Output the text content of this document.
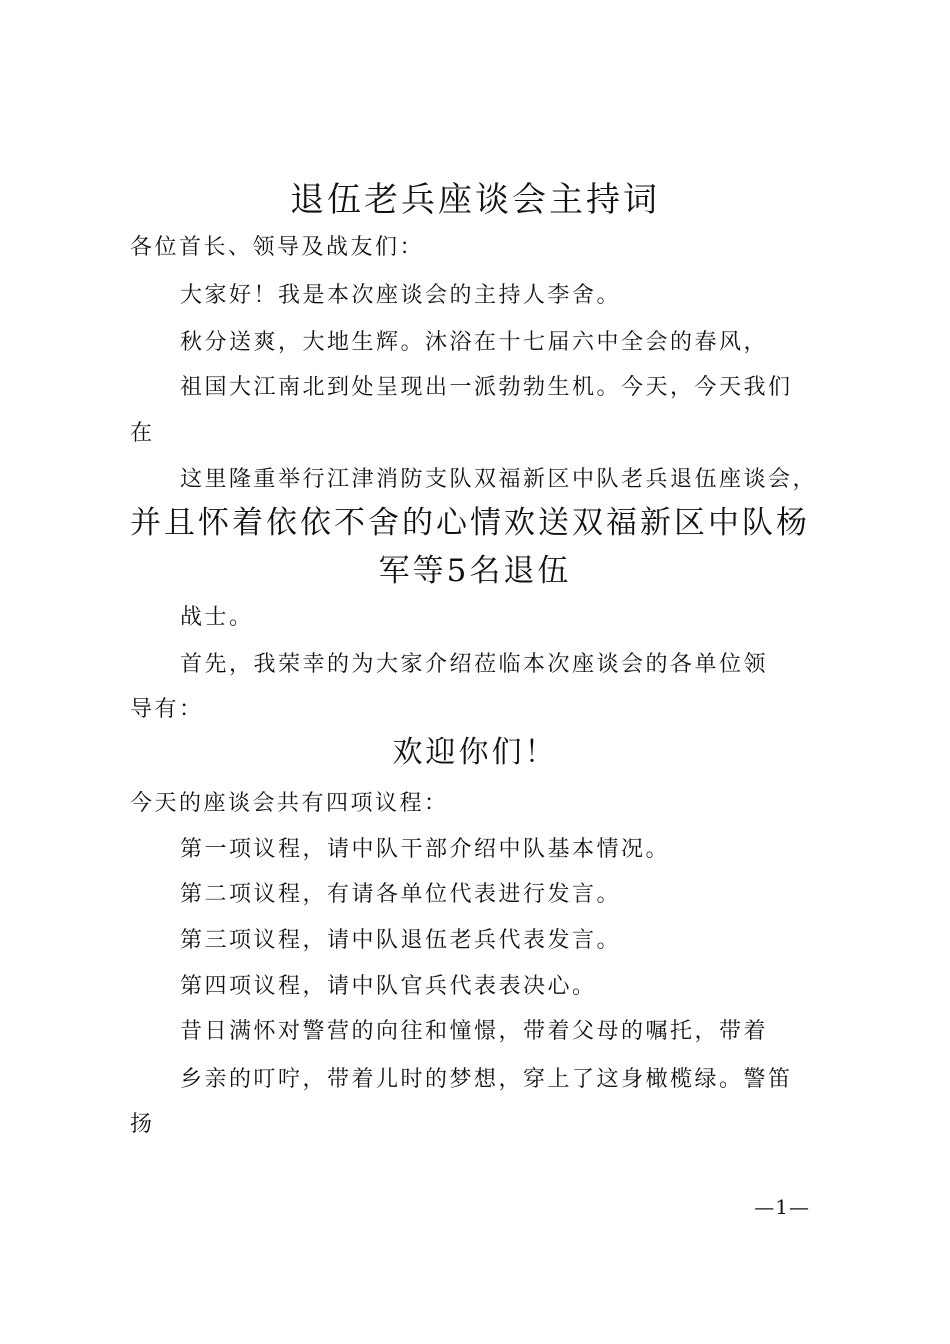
退伍老兵座谈会主持词
各位首长、领导及战友们：
大家好！我是本次座谈会的主持人李舍。
秋分送爽，大地生辉。沐浴在十七届六中全会的春风，
祖国大江南北到处呈现出一派勃勃生机。今天，今天我们
在
这里隆重举行江津消防支队双福新区中队老兵退伍座谈会，
并且怀着依依不舍的心情欢送双福新区中队杨
军等5名退伍
战士。
首先，我荣幸的为大家介绍莅临本次座谈会的各单位领
导有：
欢迎你们！
今天的座谈会共有四项议程：
第一项议程，请中队干部介绍中队基本情况。
第二项议程，有请各单位代表进行发言。
第三项议程，请中队退伍老兵代表发言。
第四项议程，请中队官兵代表表决心。
昔日满怀对警营的向往和憧憬，带着父母的嘱托，带着
乡亲的叮咛，带着儿时的梦想，穿上了这身橄榄绿。警笛
扬
—1—
